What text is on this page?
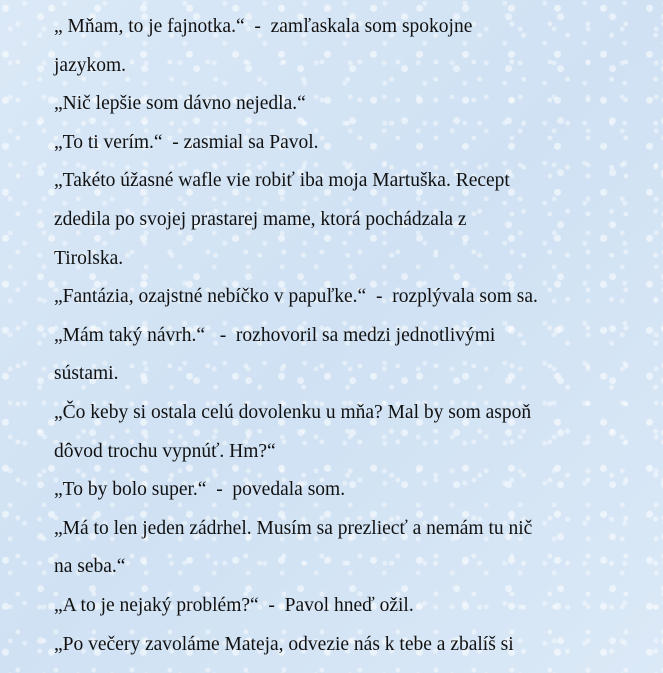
„ Mňam, to je fajnotka.“  -  zamľaskala som spokojne

jazykom.

„Nič lepšie som dávno nejedla.“

„To ti verím.“  - zasmial sa Pavol.

„Takéto úžasné wafle vie robiť iba moja Martuška. Recept

zdedila po svojej prastarej mame, ktorá pochádzala z

Tirolska.

„Fantázia, ozajstné nebíčko v papuľke.“  -  rozplývala som sa.

„Mám taký návrh.“   -  rozhovoril sa medzi jednotlivými

sústami.

„Čo keby si ostala celú dovolenku u mňa? Mal by som aspoň

dôvod trochu vypnúť. Hm?“

„To by bolo super.“  -  povedala som.

„Má to len jeden zádrhel. Musím sa prezliecť a nemám tu nič

na seba.“

„A to je nejaký problém?“  -  Pavol hneď ožil.

„Po večery zavoláme Mateja, odvezie nás k tebe a zbalíš si
